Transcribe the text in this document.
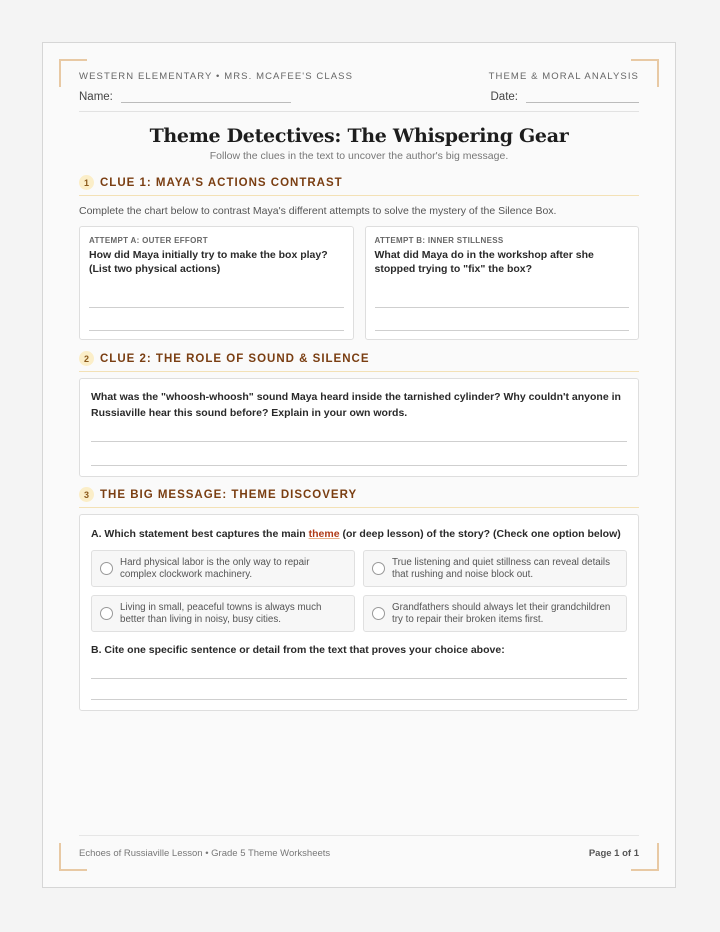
WESTERN ELEMENTARY • MRS. MCAFEE'S CLASS	THEME & MORAL ANALYSIS
Name:	Date:
Theme Detectives: The Whispering Gear
Follow the clues in the text to uncover the author's big message.
1 CLUE 1: MAYA'S ACTIONS CONTRAST
Complete the chart below to contrast Maya's different attempts to solve the mystery of the Silence Box.
ATTEMPT A: OUTER EFFORT
How did Maya initially try to make the box play? (List two physical actions)
ATTEMPT B: INNER STILLNESS
What did Maya do in the workshop after she stopped trying to "fix" the box?
2 CLUE 2: THE ROLE OF SOUND & SILENCE
What was the "whoosh-whoosh" sound Maya heard inside the tarnished cylinder? Why couldn't anyone in Russiaville hear this sound before? Explain in your own words.
3 THE BIG MESSAGE: THEME DISCOVERY
A. Which statement best captures the main theme (or deep lesson) of the story? (Check one option below)
Hard physical labor is the only way to repair complex clockwork machinery.
True listening and quiet stillness can reveal details that rushing and noise block out.
Living in small, peaceful towns is always much better than living in noisy, busy cities.
Grandfathers should always let their grandchildren try to repair their broken items first.
B. Cite one specific sentence or detail from the text that proves your choice above:
Echoes of Russiaville Lesson • Grade 5 Theme Worksheets	Page 1 of 1
